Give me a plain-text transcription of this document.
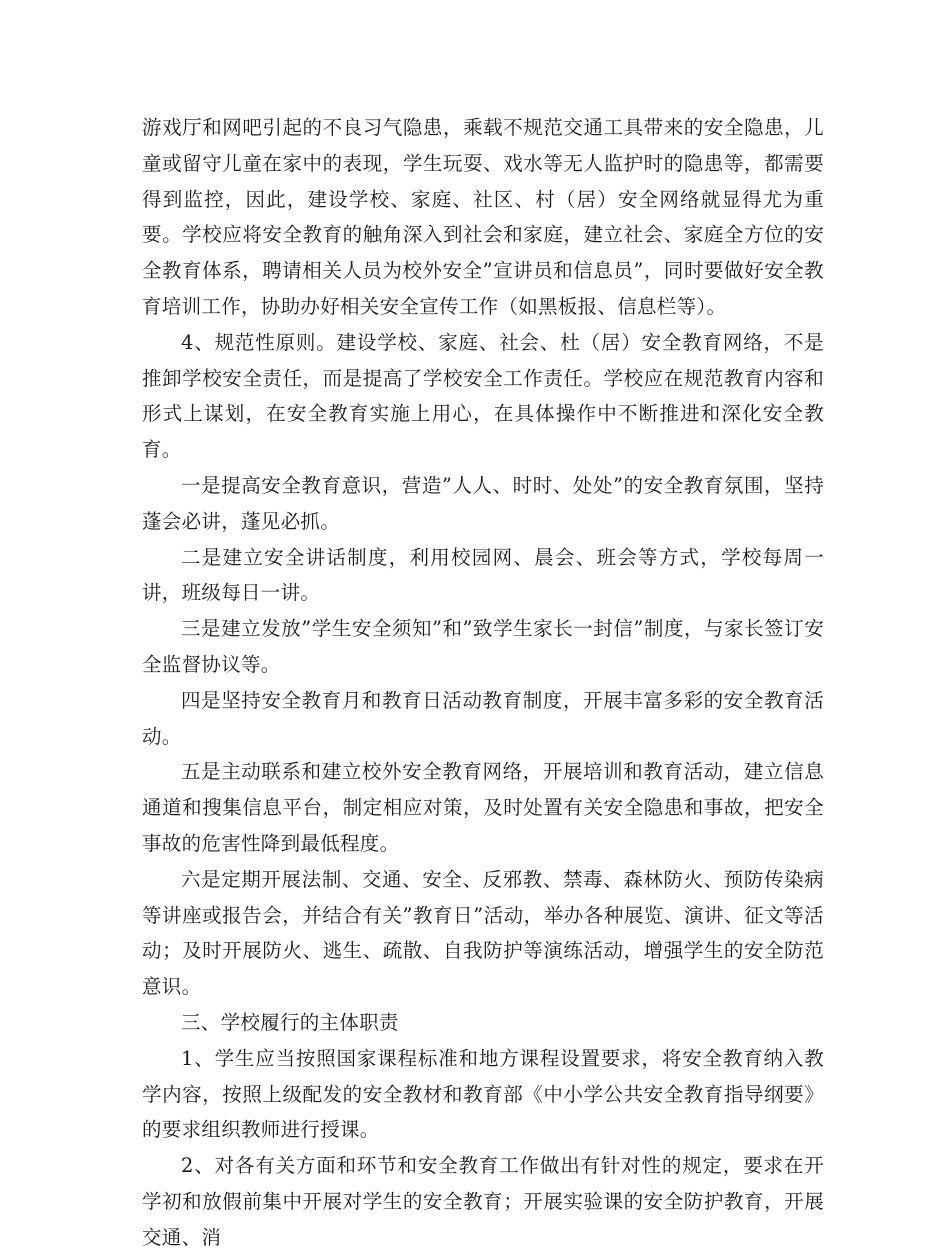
游戏厅和网吧引起的不良习气隐患，乘载不规范交通工具带来的安全隐患，儿童或留守儿童在家中的表现，学生玩耍、戏水等无人监护时的隐患等，都需要得到监控，因此，建设学校、家庭、社区、村（居）安全网络就显得尤为重要。学校应将安全教育的触角深入到社会和家庭，建立社会、家庭全方位的安全教育体系，聘请相关人员为校外安全”宣讲员和信息员”，同时要做好安全教育培训工作，协助办好相关安全宣传工作（如黑板报、信息栏等）。

4、规范性原则。建设学校、家庭、社会、杜（居）安全教育网络，不是推卸学校安全责任，而是提高了学校安全工作责任。学校应在规范教育内容和形式上谋划，在安全教育实施上用心，在具体操作中不断推进和深化安全教育。

一是提高安全教育意识，营造”人人、时时、处处”的安全教育氛围，坚持蓬会必讲，蓬见必抓。

二是建立安全讲话制度，利用校园网、晨会、班会等方式，学校每周一讲，班级每日一讲。

三是建立发放”学生安全须知”和”致学生家长一封信”制度，与家长签订安全监督协议等。

四是坚持安全教育月和教育日活动教育制度，开展丰富多彩的安全教育活动。

五是主动联系和建立校外安全教育网络，开展培训和教育活动，建立信息通道和搜集信息平台，制定相应对策，及时处置有关安全隐患和事故，把安全事故的危害性降到最低程度。

六是定期开展法制、交通、安全、反邪教、禁毒、森林防火、预防传染病等讲座或报告会，并结合有关”教育日”活动，举办各种展览、演讲、征文等活动；及时开展防火、逃生、疏散、自我防护等演练活动，增强学生的安全防范意识。

三、学校履行的主体职责

1、学生应当按照国家课程标准和地方课程设置要求，将安全教育纳入教学内容，按照上级配发的安全教材和教育部《中小学公共安全教育指导纲要》的要求组织教师进行授课。

2、对各有关方面和环节和安全教育工作做出有针对性的规定，要求在开学初和放假前集中开展对学生的安全教育；开展实验课的安全防护教育，开展交通、消
